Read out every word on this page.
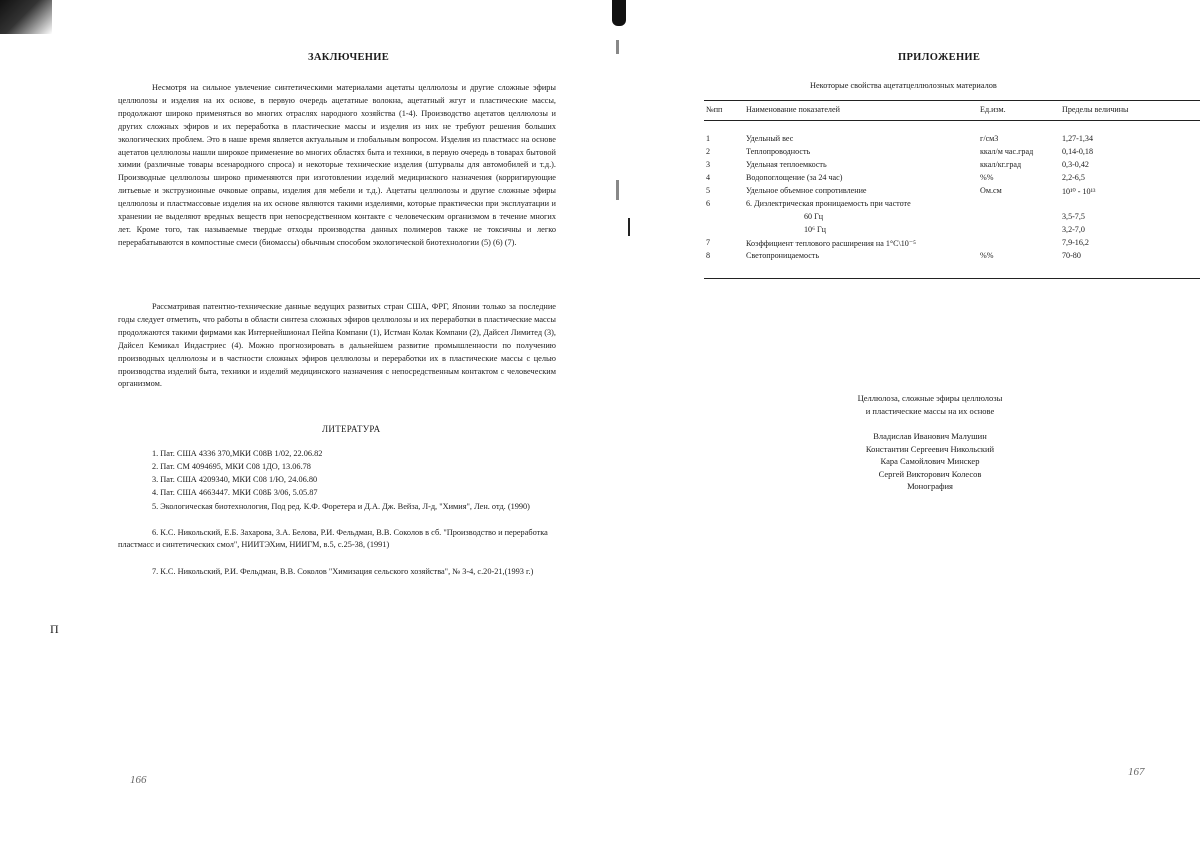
ЗАКЛЮЧЕНИЕ

Несмотря на сильное увлечение синтетическими материалами ацетаты целлюлозы и другие сложные эфиры целлюлозы и изделия на их основе, в первую очередь ацетатные волокна, ацетатный жгут и пластические массы, продолжают широко применяться во многих отраслях народного хозяйства (1-4). Производство ацетатов целлюлозы и других сложных эфиров и их переработка в пластические массы и изделия из них не требуют решения больших экологических проблем. Это в наше время является актуальным и глобальным вопросом. Изделия из пластмасс на основе ацетатов целлюлозы нашли широкое применение во многих областях быта и техники, в первую очередь в товарах бытовой химии (различные товары всенародного спроса) и некоторые технические изделия (штурвалы для автомобилей и т.д.). Производные целлюлозы широко применяются при изготовлении изделий медицинского назначения (корригирующие литьевые и экструзионные очковые оправы, изделия для мебели и т.д.). Ацетаты целлюлозы и другие сложные эфиры целлюлозы и пластмассовые изделия на их основе являются такими изделиями, которые практически при эксплуатации и хранении не выделяют вредных веществ при непосредственном контакте с человеческим организмом в течение многих лет. Кроме того, так называемые твердые отходы производства данных полимеров также не токсичны и легко перерабатываются в компостные смеси (биомассы) обычным способом экологической биотехнологии (5) (6) (7).

Рассматривая патентно-технические данные ведущих развитых стран США, ФРГ, Японии только за последние годы следует отметить, что работы в области синтеза сложных эфиров целлюлозы и их переработки в пластические массы продолжаются такими фирмами как Интернейшионал Пейпа Компани (1), Истман Колак Компани (2), Дайсел Лимитед (3), Дайсел Кемикал Индастриес (4). Можно прогнозировать в дальнейшем развитие промышленности по получению производных целлюлозы и в частности сложных эфиров целлюлозы и переработки их в пластические массы с целью производства изделий быта, техники и изделий медицинского назначения с непосредственным контактом с человеческим организмом.

ЛИТЕРАТУРА

1. Пат. США 4336 370,МКИ С08В 1/02, 22.06.82

2. Пат. СМ 4094695, МКИ С08 1ДО, 13.06.78

3. Пат. США 4209340, МКИ С08 1/Ю, 24.06.80

4. Пат. США 4663447. МКИ С08Б 3/06, 5.05.87

5. Экологическая биотехнология, Под ред. К.Ф. Форетера и Д.А. Дж. Вейза, Л-д, "Химия", Лен. отд. (1990)

6. К.С. Никольский, Е.Б. Захарова, З.А. Белова, Р.И. Фельдман, В.В. Соколов в сб. "Производство и переработка пластмасс и синтетических смол", НИИТЭХим, НИИГМ, в.5, с.25-38, (1991)

7. К.С. Никольский, Р.И. Фельдман, В.В. Соколов "Химизация сельского хозяйства", № 3-4, с.20-21,(1993 г.)

166
П
ПРИЛОЖЕНИЕ
Некоторые свойства ацетатцеллюлозных материалов
№пп	Наименование показателей	Ед.изм.	Пределы величины

1	Удельный вес	г/см3	1,27-1,34
2	Теплопроводность	ккал/м час.град	0,14-0,18
3	Удельная теплоемкость	ккал/кг.град	0,3-0,42
4	Водопоглощение (за 24 час)	%%	2,2-6,5
5	Удельное объемное сопротивление	Ом.см	10¹⁰ - 10¹³
6	6. Диэлектрическая проницаемость при частоте		
	60 Гц		3,5-7,5
	10⁶ Гц		3,2-7,0
7	Коэффициент теплового расширения на 1°С\10⁻⁵		7,9-16,2
8	Светопроницаемость	%%	70-80

Целлюлоза, сложные эфиры целлюлозы
и пластические массы на их основе
Владислав Иванович Малушин
Константин Сергеевич Никольский
Кара Самойлович Минскер
Сергей Викторович Колесов
Монография
167
